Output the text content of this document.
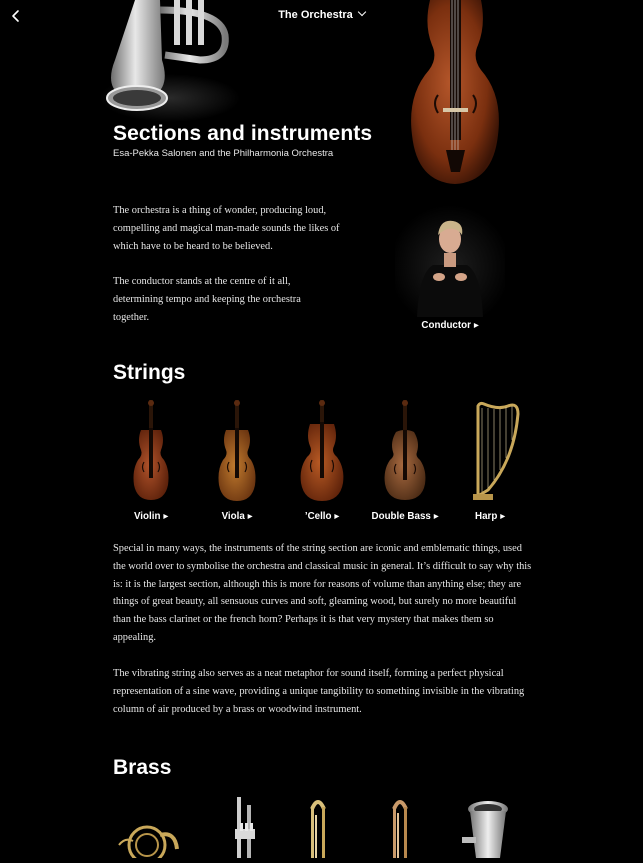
The Orchestra
Sections and instruments
Esa-Pekka Salonen and the Philharmonia Orchestra
The orchestra is a thing of wonder, producing loud, compelling and magical man-made sounds the likes of which have to be heard to be believed.
The conductor stands at the centre of it all, determining tempo and keeping the orchestra together.
Conductor ▶
Strings
Violin ▶	Viola ▶	’Cello ▶	Double Bass ▶	Harp ▶
Special in many ways, the instruments of the string section are iconic and emblematic things, used the world over to symbolise the orchestra and classical music in general. It’s difficult to say why this is: it is the largest section, although this is more for reasons of volume than anything else; they are things of great beauty, all sensuous curves and soft, gleaming wood, but surely no more beautiful than the bass clarinet or the french horn? Perhaps it is that very mystery that makes them so appealing.
The vibrating string also serves as a neat metaphor for sound itself, forming a perfect physical representation of a sine wave, providing a unique tangibility to something invisible in the vibrating column of air produced by a brass or woodwind instrument.
Brass
